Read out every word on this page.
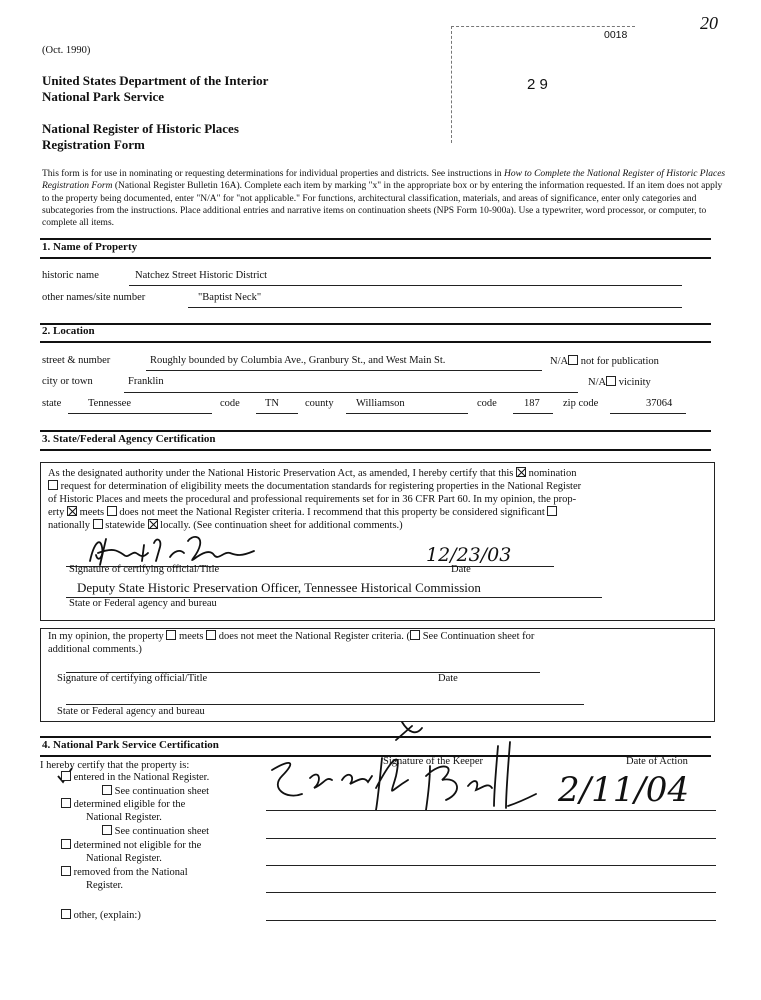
(Oct. 1990)
United States Department of the Interior
National Park Service
National Register of Historic Places
Registration Form
0018
2 9
20
This form is for use in nominating or requesting determinations for individual properties and districts. See instructions in How to Complete the National Register of Historic Places Registration Form (National Register Bulletin 16A). Complete each item by marking "x" in the appropriate box or by entering the information requested. If an item does not apply to the property being documented, enter "N/A" for "not applicable." For functions, architectural classification, materials, and areas of significance, enter only categories and subcategories from the instructions. Place additional entries and narrative items on continuation sheets (NPS Form 10-900a). Use a typewriter, word processor, or computer, to complete all items.
1. Name of Property
historic name	Natchez Street Historic District
other names/site number	"Baptist Neck"
2. Location
street & number	Roughly bounded by Columbia Ave., Granbury St., and West Main St.	N/A not for publication
city or town	Franklin	N/A vicinity
state	Tennessee	code TN county Williamson	code	187 zip code	37064
3. State/Federal Agency Certification
As the designated authority under the National Historic Preservation Act, as amended, I hereby certify that this nomination
request for determination of eligibility meets the documentation standards for registering properties in the National Register
of Historic Places and meets the procedural and professional requirements set for in 36 CFR Part 60. In my opinion, the prop-
erty meets does not meet the National Register criteria. I recommend that this property be considered significant
nationally statewide locally. (See continuation sheet for additional comments.)
12/23/03
Signature of certifying official/Title	Date
Deputy State Historic Preservation Officer, Tennessee Historical Commission
State or Federal agency and bureau
In my opinion, the property meets does not meet the National Register criteria. ( See Continuation sheet for
additional comments.)
Signature of certifying official/Title	Date
State or Federal agency and bureau
4. National Park Service Certification
I hereby certify that the property is:	Signature of the Keeper	Date of Action
2/11/04
entered in the National Register.
See continuation sheet
determined eligible for the
National Register.
See continuation sheet
determined not eligible for the
National Register.
removed from the National
Register.
other, (explain:)
